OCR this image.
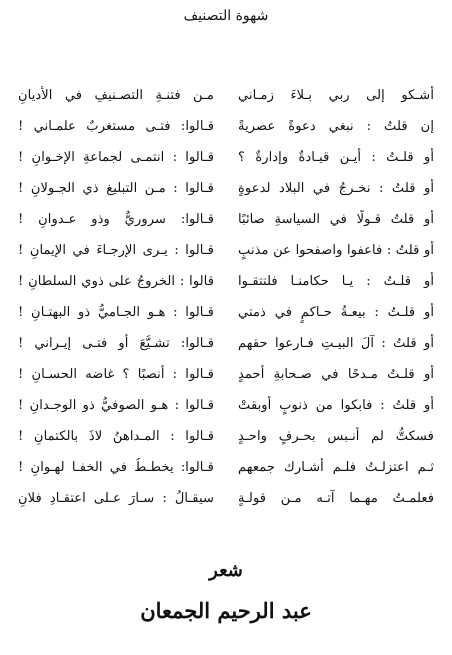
شهوة التصنيف
أشـكو إلى ربي بـلاءَ زمـاني
مـن فتنـةِ التصـنيفِ في الأديانِ
إن قلتُ : نبغي دعوةً عصريةً
قـالوا: فتـى مستغربٌ علمـاني !
أو قلـتُ : أيـن قيـادةٌ وإدارةٌ ؟
قـالوا : انتمـى لجماعةِ الإخـوانِ !
أو قلتُ : نخـرجُ في البلاد لدعوةٍ
قـالوا : مـن التبليغ ذي الجـولانِ !
أو قلتُ قـولًا في السياسةِ صائبًا
قـالوا: سروريٌّ وذو عـدوانِ !
أو قلتُ : فاعفوا واصفحوا عن مذنبٍ
قـالوا : يـرى الإرجـاءَ في الإيمانِ !
أو قلـتُ : يـا حكامنـا فلتتقـوا
قالوا : الخروجُ على ذوي السلطانِ !
أو قلـتُ : بيعـةُ حـاكمٍ في ذمتي
قـالوا : هـو الجـاميُّ ذو البهتـانِ !
أو قلتُ : آلَ البيـتِ فـارعوا حقهم
قـالوا: تشـيَّعَ أو فتـى إيـراني !
أو قلـتُ مـدحًا في صـحابةِ أحمدٍ
قـالوا : أنصبًا ؟ غاضه الحسـانِ !
أو قلتُ : فابكوا من ذنوبٍ أوبقتْ
قـالوا : هـو الصوفيُّ ذو الوجـدانِ !
فسكتُّ لم أنـبس بحـرفٍ واحـدٍ
قـالوا : المـداهنُ لاذَ بالكتمانِ !
ثـم اعتزلـتُ فلـم أشـارك جمعهم
قـالوا: يخطـطُ في الخفـا لهـوانِ !
فعلمـتُ مهـما آتـه مـن قولـةٍ
سيقـالُ : سـارَ عـلى اعتقـادِ فلانِ
شعر
عبد الرحيم الجمعان
